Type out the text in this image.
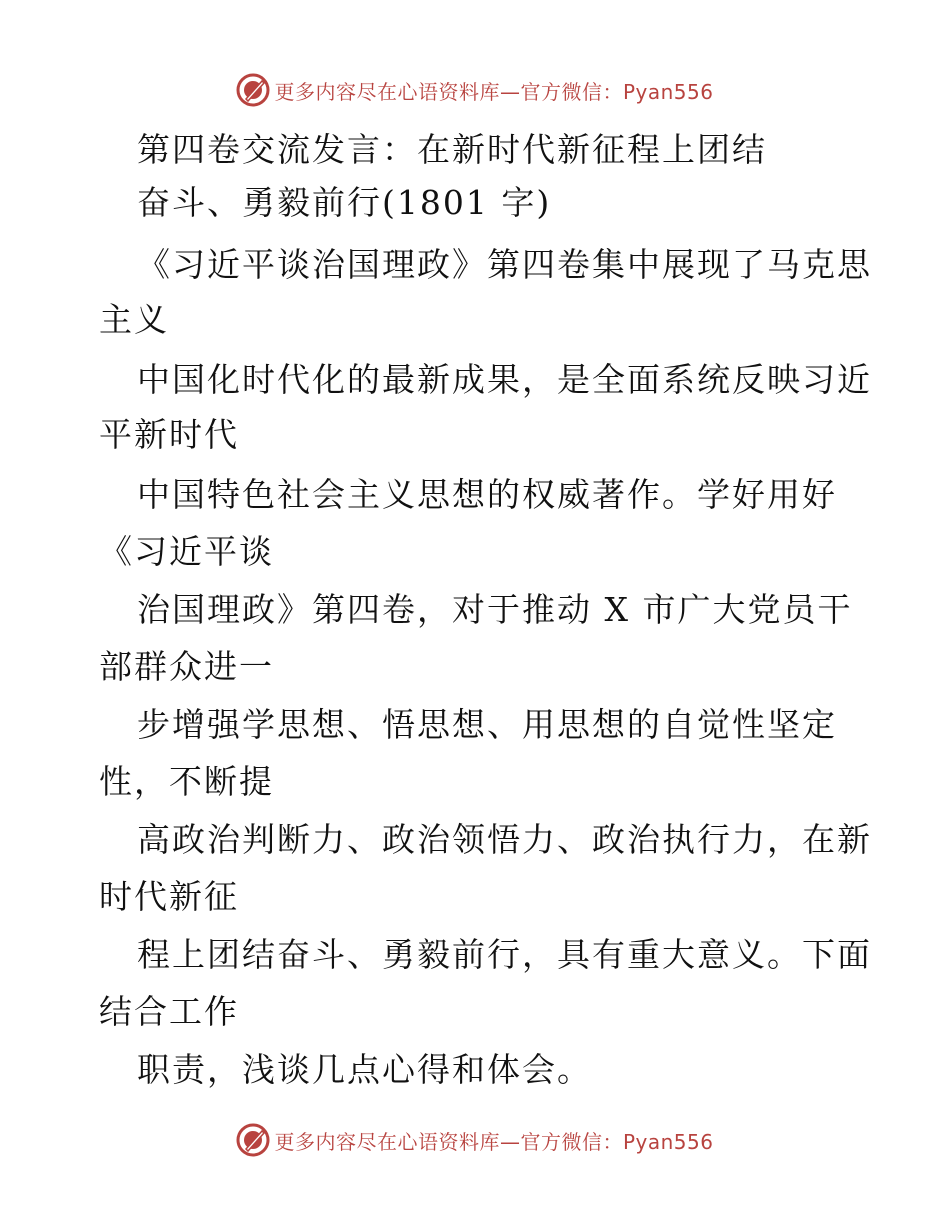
更多内容尽在心语资料库—官方微信：Pyan556
第四卷交流发言：在新时代新征程上团结
奋斗、勇毅前行(1801 字)
《习近平谈治国理政》第四卷集中展现了马克思
主义
中国化时代化的最新成果，是全面系统反映习近
平新时代
中国特色社会主义思想的权威著作。学好用好
《习近平谈
治国理政》第四卷，对于推动 X 市广大党员干
部群众进一
步增强学思想、悟思想、用思想的自觉性坚定
性，不断提
高政治判断力、政治领悟力、政治执行力，在新
时代新征
程上团结奋斗、勇毅前行，具有重大意义。下面
结合工作
职责，浅谈几点心得和体会。
更多内容尽在心语资料库—官方微信：Pyan556
